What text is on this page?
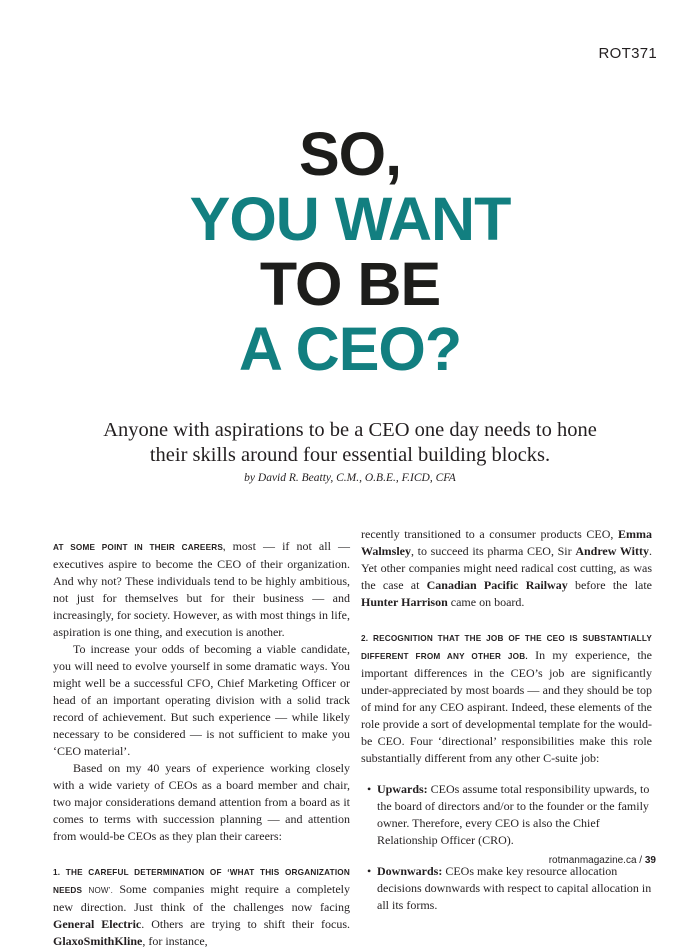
ROT371
SO,
YOU WANT
TO BE
A CEO?
Anyone with aspirations to be a CEO one day needs to hone
their skills around four essential building blocks.
by David R. Beatty, C.M., O.B.E., F.ICD, CFA

AT SOME POINT IN THEIR CAREERS, most — if not all — executives aspire to become the CEO of their organization. And why not? These individuals tend to be highly ambitious, not just for themselves but for their business — and increasingly, for society. However, as with most things in life, aspiration is one thing, and execution is another.

To increase your odds of becoming a viable candidate, you will need to evolve yourself in some dramatic ways. You might well be a successful CFO, Chief Marketing Officer or head of an important operating division with a solid track record of achievement. But such experience — while likely necessary to be considered — is not sufficient to make you ‘CEO material’.

Based on my 40 years of experience working closely with a wide variety of CEOs as a board member and chair, two major considerations demand attention from a board as it comes to terms with succession planning — and attention from would-be CEOs as they plan their careers:

1. THE CAREFUL DETERMINATION OF ‘WHAT THIS ORGANIZATION NEEDS NOW’. Some companies might require a completely new direction. Just think of the challenges now facing General Electric. Others are trying to shift their focus. GlaxoSmithKline, for instance,

recently transitioned to a consumer products CEO, Emma Walmsley, to succeed its pharma CEO, Sir Andrew Witty. Yet other companies might need radical cost cutting, as was the case at Canadian Pacific Railway before the late Hunter Harrison came on board.

2. RECOGNITION THAT THE JOB OF THE CEO IS SUBSTANTIALLY DIFFERENT FROM ANY OTHER JOB. In my experience, the important differences in the CEO’s job are significantly under-appreciated by most boards — and they should be top of mind for any CEO aspirant. Indeed, these elements of the role provide a sort of developmental template for the would-be CEO. Four ‘directional’ responsibilities make this role substantially different from any other C-suite job:

• Upwards: CEOs assume total responsibility upwards, to the board of directors and/or to the founder or the family owner. Therefore, every CEO is also the Chief Relationship Officer (CRO).
• Downwards: CEOs make key resource allocation decisions downwards with respect to capital allocation in all its forms.
rotmanmagazine.ca / 39
